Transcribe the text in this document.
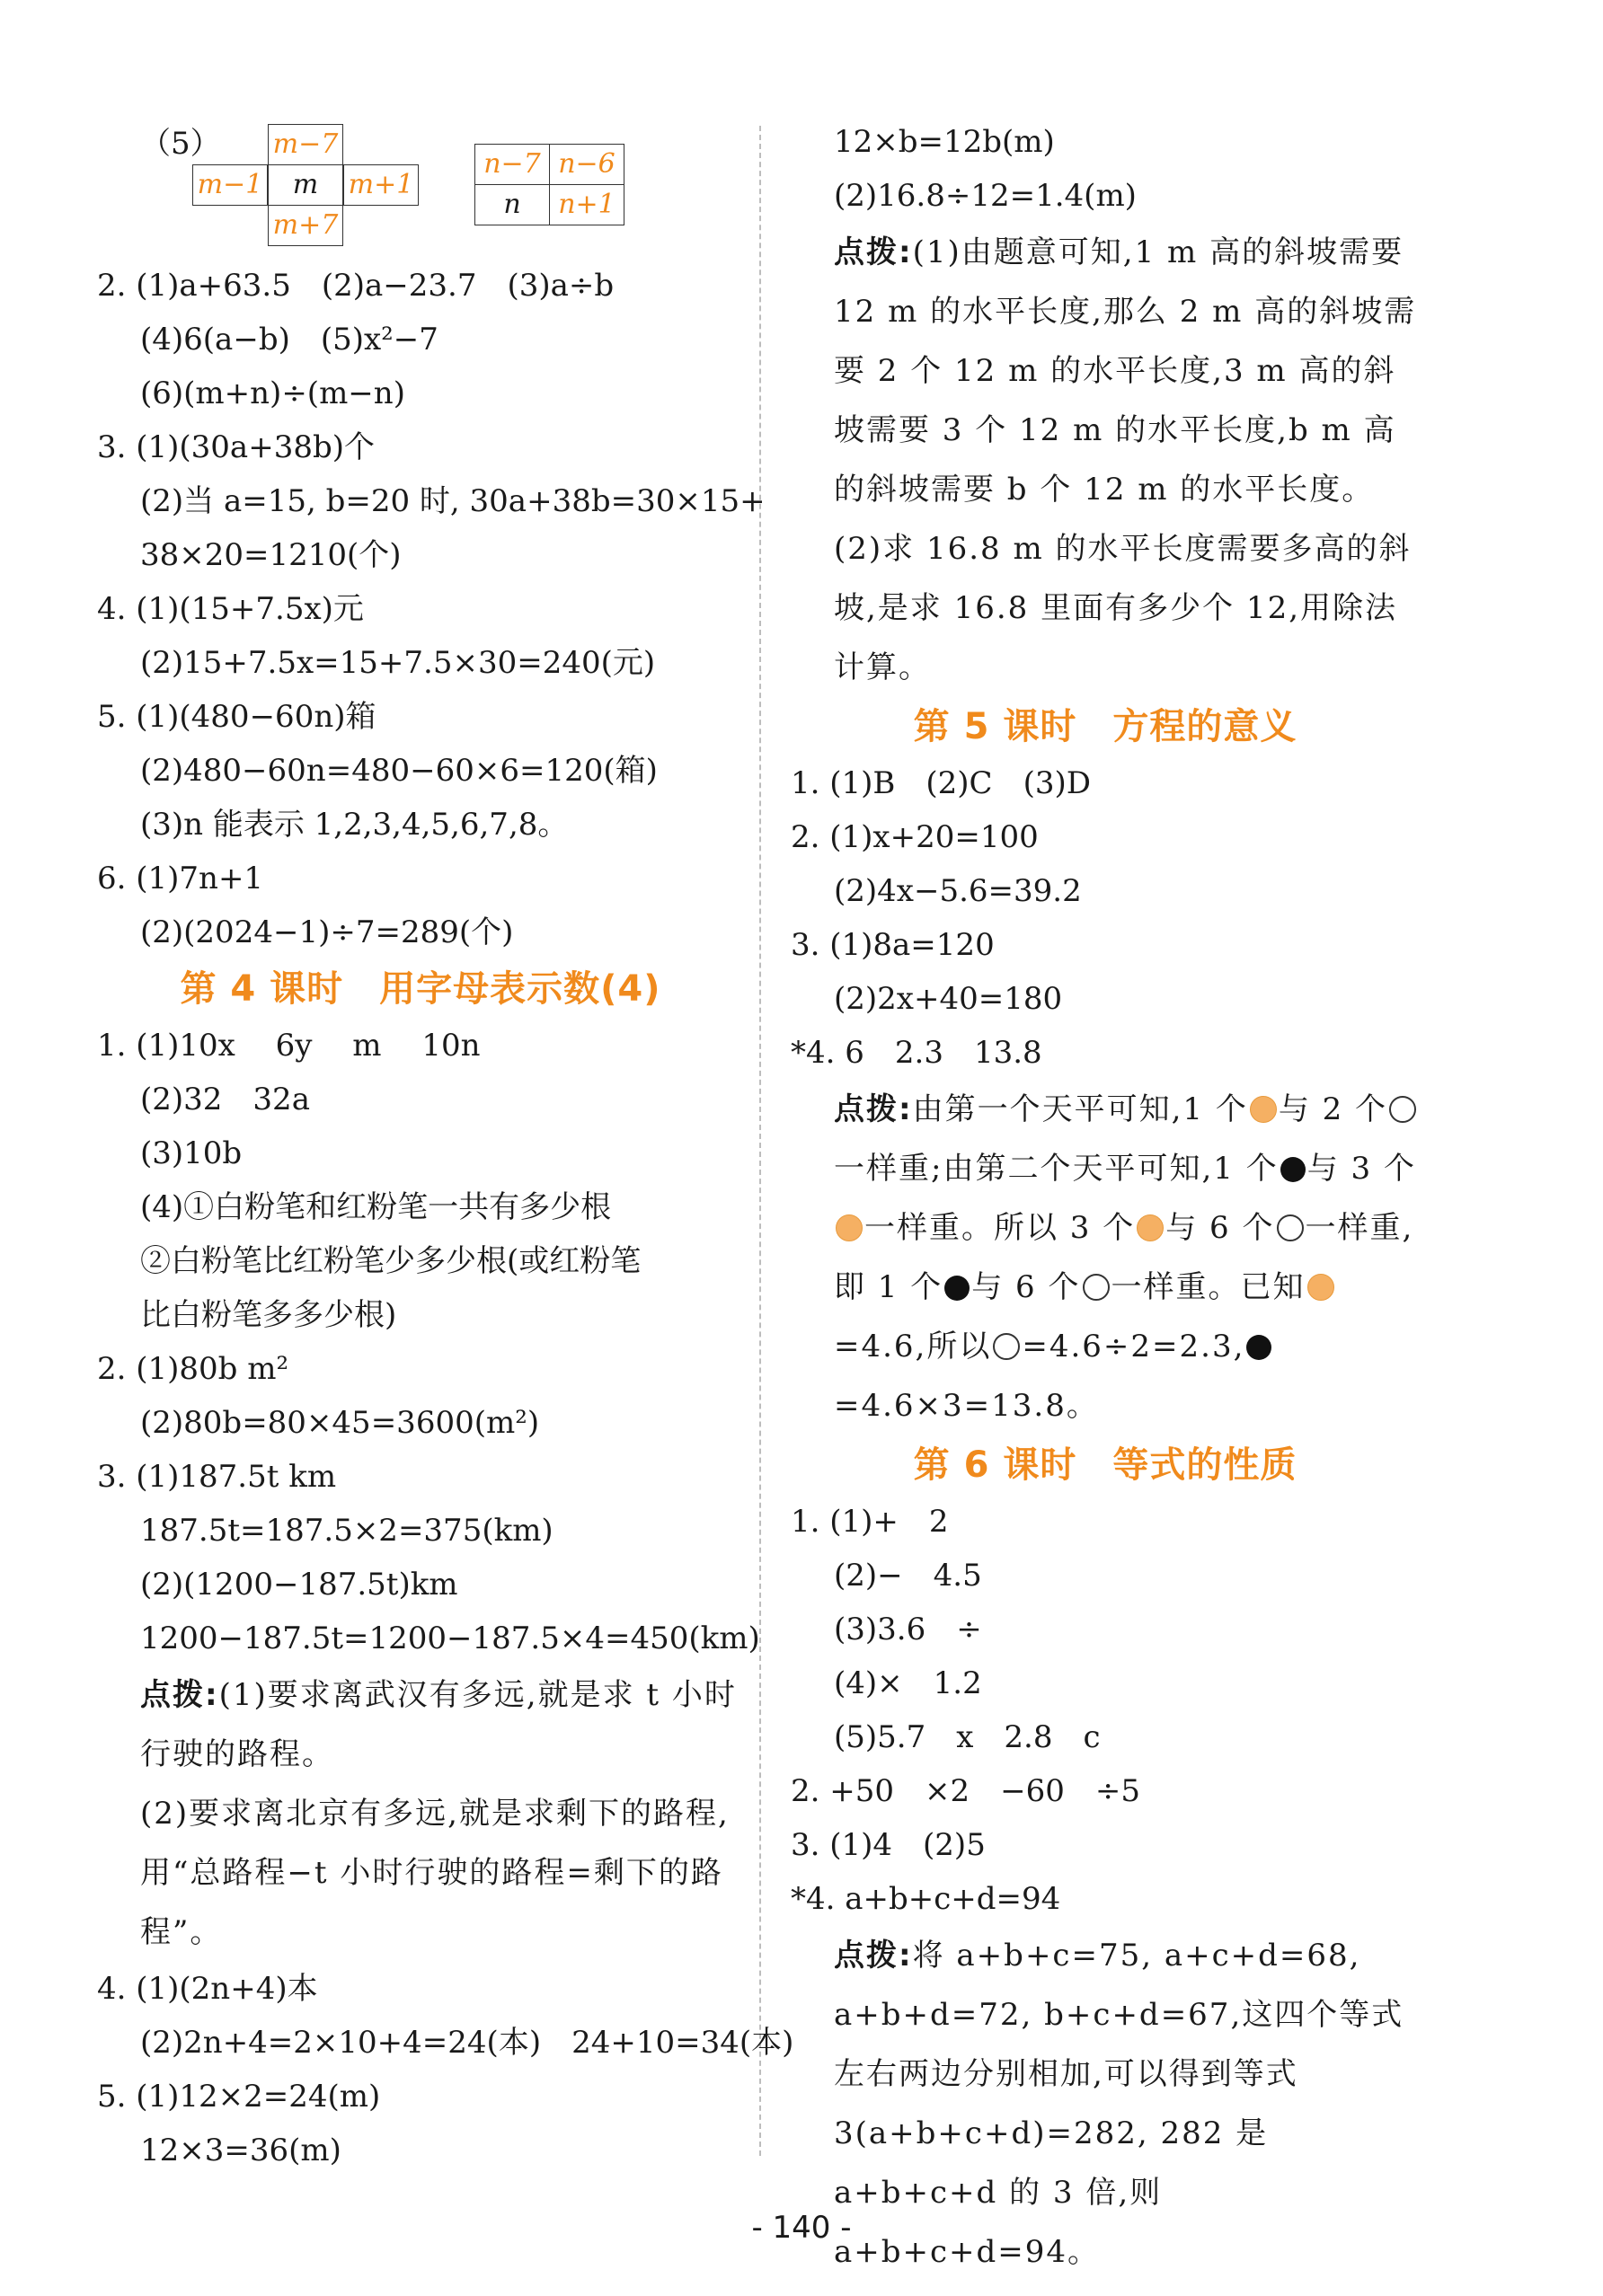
（5） m−7
m−1	m	m+1
m+7
n−7 n−6
n	n+1
2. (1)a+63.5　(2)a−23.7　(3)a÷b
(4)6(a−b)　(5)x²−7
(6)(m+n)÷(m−n)
3. (1)(30a+38b)个
(2)当 a=15, b=20 时, 30a+38b=30×15+
38×20=1210(个)
4. (1)(15+7.5x)元
(2)15+7.5x=15+7.5×30=240(元)
5. (1)(480−60n)箱
(2)480−60n=480−60×6=120(箱)
(3)n 能表示 1,2,3,4,5,6,7,8。
6. (1)7n+1
(2)(2024−1)÷7=289(个)
第 4 课时 用字母表示数(4)
1. (1)10x　 6y　 m　 10n
(2)32　32a
(3)10b
(4)①白粉笔和红粉笔一共有多少根
②白粉笔比红粉笔少多少根(或红粉笔
比白粉笔多多少根)
2. (1)80b m²
(2)80b=80×45=3600(m²)
3. (1)187.5t km
187.5t=187.5×2=375(km)
(2)(1200−187.5t)km
1200−187.5t=1200−187.5×4=450(km)
点拨:(1)要求离武汉有多远,就是求 t 小时行驶的路程。
(2)要求离北京有多远,就是求剩下的路程,用“总路程−t 小时行驶的路程=剩下的路程”。
4. (1)(2n+4)本
(2)2n+4=2×10+4=24(本)　24+10=34(本)
5. (1)12×2=24(m)
12×3=36(m)
12×b=12b(m)
(2)16.8÷12=1.4(m)
点拨:(1)由题意可知,1 m 高的斜坡需要 12 m 的水平长度,那么 2 m 高的斜坡需要 2 个 12 m 的水平长度,3 m 高的斜坡需要 3 个 12 m 的水平长度,b m 高的斜坡需要 b 个 12 m 的水平长度。
(2)求 16.8 m 的水平长度需要多高的斜坡,是求 16.8 里面有多少个 12,用除法计算。
第 5 课时 方程的意义
1. (1)B　(2)C　(3)D
2. (1)x+20=100
(2)4x−5.6=39.2
3. (1)8a=120
(2)2x+40=180
*4. 6　2.3　13.8
点拨:由第一个天平可知,1 个 与 2 个一样重;由第二个天平可知,1 个 与 3 个一样重。所以 3 个 与 6 个 一样重,即 1 个 与 6 个 一样重。已知=4.6,所以 =4.6÷2=2.3,=4.6×3=13.8。
第 6 课时 等式的性质
1. (1)+　2
(2)−　4.5
(3)3.6　÷
(4)×　1.2
(5)5.7　x　2.8　c
2. +50　×2　−60　÷5
3. (1)4　(2)5
*4. a+b+c+d=94
点拨:将 a+b+c=75, a+c+d=68, a+b+d=72, b+c+d=67,这四个等式左右两边分别相加,可以得到等式 3(a+b+c+d)=282, 282 是 a+b+c+d 的 3 倍,则 a+b+c+d=94。
- 140 -
